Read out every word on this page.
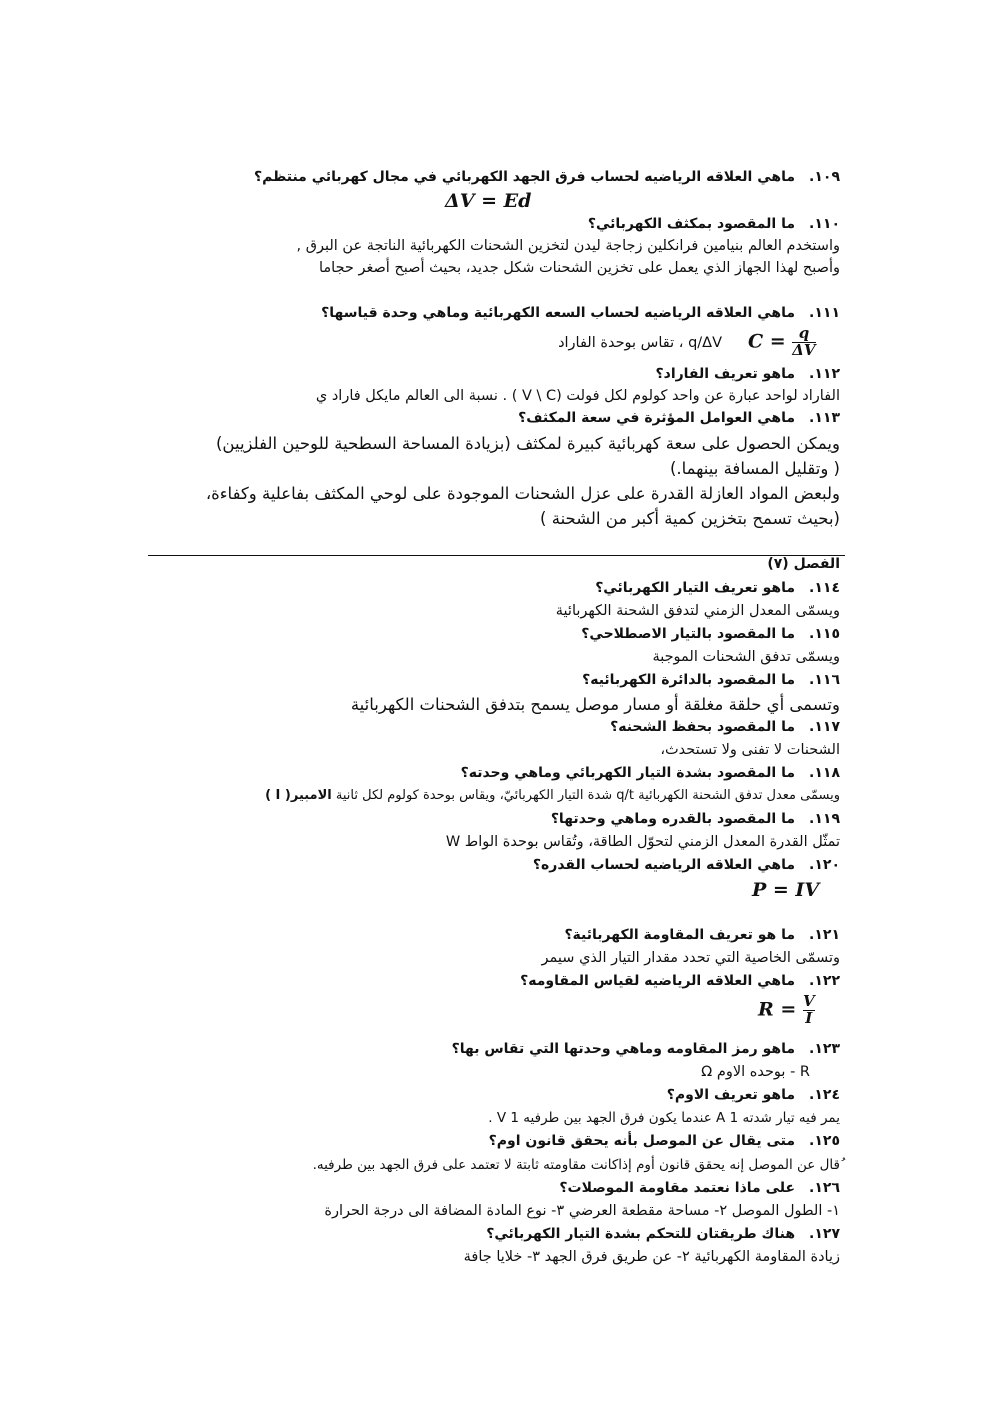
١٠٩.ماهي العلاقه الرياضيه لحساب فرق الجهد الكهربائي في مجال كهربائي منتظم؟
ΔV = Ed
١١٠.ما المقصود بمكثف الكهربائي؟
واستخدم العالم بنيامين فرانكلين زجاجة ليدن لتخزين الشحنات الكهربائية الناتجة عن البرق ,
وأصبح لهذا الجهاز الذي يعمل على تخزين الشحنات شكل جديد، بحيث أصبح أصغر حجاما
١١١.ماهي العلاقه الرياضيه لحساب السعه الكهربائية وماهي وحدة قياسها؟
$C = \frac{q}{\Delta V}$
q/ΔV ، تقاس بوحدة الفاراد
١١٢.ماهو تعريف الفاراد؟
الفاراد لواحد عبارة عن واحد كولوم لكل فولت (V \ C ) . نسبة الى العالم مايكل فاراد ي
١١٣.ماهي العوامل المؤثرة في سعة المكثف؟
ويمكن الحصول على سعة كهربائية كبيرة لمكثف (بزيادة المساحة السطحية للوحين الفلزيين)
( وتقليل المسافة بينهما.)
ولبعض المواد العازلة القدرة على عزل الشحنات الموجودة على لوحي المكثف بفاعلية وكفاءة،
(بحيث تسمح بتخزين كمية أكبر من الشحنة )
الفصل (٧)
١١٤.ماهو تعريف التيار الكهربائي؟
ويسمّى المعدل الزمني لتدفق الشحنة الكهربائية
١١٥.ما المقصود بالتيار الاصطلاحي؟
ويسمّى تدفق الشحنات الموجبة
١١٦.ما المقصود بالدائرة الكهربائيه؟
وتسمى أي حلقة مغلقة أو مسار موصل يسمح بتدفق الشحنات الكهربائية
١١٧.ما المقصود بحفظ الشحنه؟
الشحنات لا تفنى ولا تستحدث،
١١٨.ما المقصود بشدة التيار الكهربائي وماهي وحدته؟
ويسمّى معدل تدفق الشحنة الكهربائية q/t شدة التيار الكهربائيّ، ويقاس بوحدة كولوم لكل ثانية الامبير( I )
١١٩.ما المقصود بالقدره وماهي وحدتها؟
تمثّل القدرة المعدل الزمني لتحوّل الطاقة، وتُقاس بوحدة الواط W
١٢٠.ماهي العلاقه الرياضيه لحساب القدره؟
P = IV
١٢١.ما هو تعريف المقاومة الكهربائية؟
وتسمّى الخاصية التي تحدد مقدار التيار الذي سيمر
١٢٢.ماهي العلاقه الرياضيه لقياس المقاومه؟
$R = \frac{V}{I}$
١٢٣.ماهو رمز المقاومه وماهي وحدتها التي تقاس بها؟
R - بوحده الاوم Ω
١٢٤.ماهو تعريف الاوم؟
يمر فيه تيار شدته 1 A عندما يكون فرق الجهد بين طرفيه 1 V .
١٢٥.متى يقال عن الموصل بأنه يحقق قانون اوم؟
ُقال عن الموصل إنه يحقق قانون أوم إذاكانت مقاومته ثابتة لا تعتمد على فرق الجهد بين طرفيه.
١٢٦.على ماذا نعتمد مقاومة الموصلات؟
١- الطول الموصل ٢- مساحة مقطعة العرضي ٣- نوع المادة المضافة الى درجة الحرارة
١٢٧.هناك طريقتان للتحكم بشدة التيار الكهربائي؟
زيادة المقاومة الكهربائية ٢- عن طريق فرق الجهد ٣- خلايا جافة
